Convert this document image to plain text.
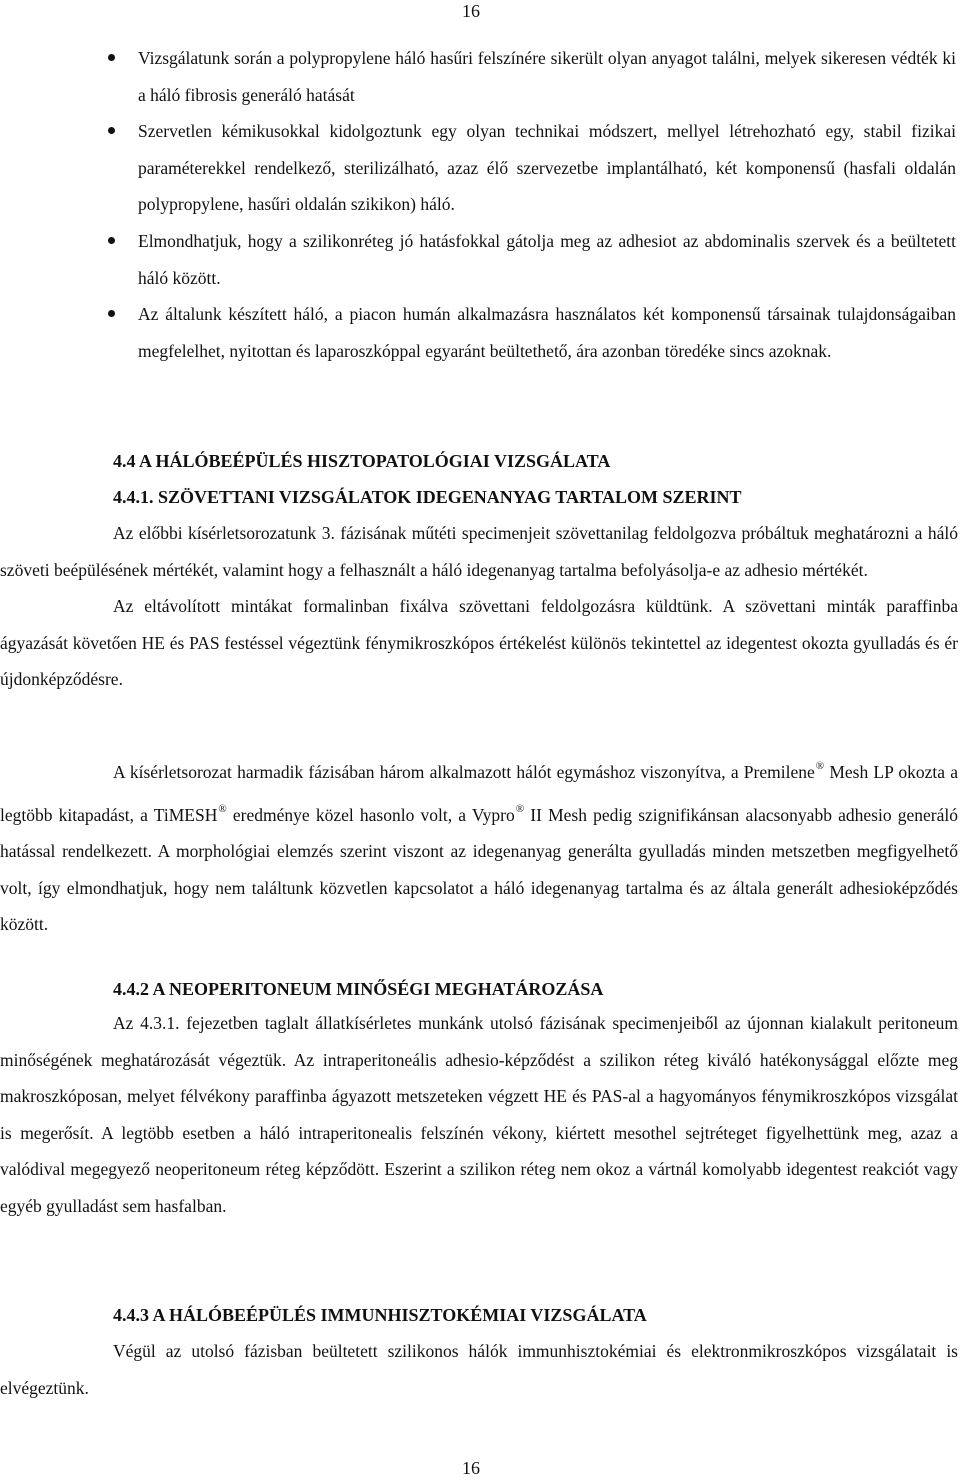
16
Vizsgálatunk során a polypropylene háló hasűri felszínére sikerült olyan anyagot találni, melyek sikeresen védték ki a háló fibrosis generáló hatását
Szervetlen kémikusokkal kidolgoztunk egy olyan technikai módszert, mellyel létrehozható egy, stabil fizikai paraméterekkel rendelkező, sterilizálható, azaz élő szervezetbe implantálható, két komponensű (hasfali oldalán polypropylene, hasűri oldalán szikikon) háló.
Elmondhatjuk, hogy a szilikonréteg jó hatásfokkal gátolja meg az adhesiot az abdominalis szervek és a beültetett háló között.
Az általunk készített háló, a piacon humán alkalmazásra használatos két komponensű társainak tulajdonságaiban megfelelhet, nyitottan és laparoszkóppal egyaránt beültethető, ára azonban töredéke sincs azoknak.
4.4 A HÁLÓBEÉPÜLÉS HISZTOPATOLÓGIAI VIZSGÁLATA
4.4.1. SZÖVETTANI VIZSGÁLATOK IDEGENANYAG TARTALOM SZERINT

Az előbbi kísérletsorozatunk 3. fázisának műtéti specimenjeit szövettanilag feldolgozva próbáltuk meghatározni a háló szöveti beépülésének mértékét, valamint hogy a felhasznált a háló idegenanyag tartalma befolyásolja-e az adhesio mértékét.

Az eltávolított mintákat formalinban fixálva szövettani feldolgozásra küldtünk. A szövettani minták paraffinba ágyazását követően HE és PAS festéssel végeztünk fénymikroszkópos értékelést különös tekintettel az idegentest okozta gyulladás és ér újdonképződésre.

A kísérletsorozat harmadik fázisában három alkalmazott hálót egymáshoz viszonyítva, a Premilene® Mesh LP okozta a legtöbb kitapadást, a TiMESH® eredménye közel hasonlo volt, a Vypro® II Mesh pedig szignifikánsan alacsonyabb adhesio generáló hatással rendelkezett. A morphológiai elemzés szerint viszont az idegenanyag generálta gyulladás minden metszetben megfigyelhető volt, így elmondhatjuk, hogy nem találtunk közvetlen kapcsolatot a háló idegenanyag tartalma és az általa generált adhesioképződés között.

4.4.2 A NEOPERITONEUM MINŐSÉGI MEGHATÁROZÁSA

Az 4.3.1. fejezetben taglalt állatkísérletes munkánk utolsó fázisának specimenjeiből az újonnan kialakult peritoneum minőségének meghatározását végeztük. Az intraperitoneális adhesio-képződést a szilikon réteg kiváló hatékonysággal előzte meg makroszkóposan, melyet félvékony paraffinba ágyazott metszeteken végzett HE és PAS-al a hagyományos fénymikroszkópos vizsgálat is megerősít. A legtöbb esetben a háló intraperitonealis felszínén vékony, kiértett mesothel sejtréteget figyelhettünk meg, azaz a valódival megegyező neoperitoneum réteg képződött. Eszerint a szilikon réteg nem okoz a vártnál komolyabb idegentest reakciót vagy egyéb gyulladást sem hasfalban.

4.4.3 A HÁLÓBEÉPÜLÉS IMMUNHISZTOKÉMIAI VIZSGÁLATA

Végül az utolsó fázisban beültetett szilikonos hálók immunhisztokémiai és elektronmikroszkópos vizsgálatait is elvégeztünk.

16
